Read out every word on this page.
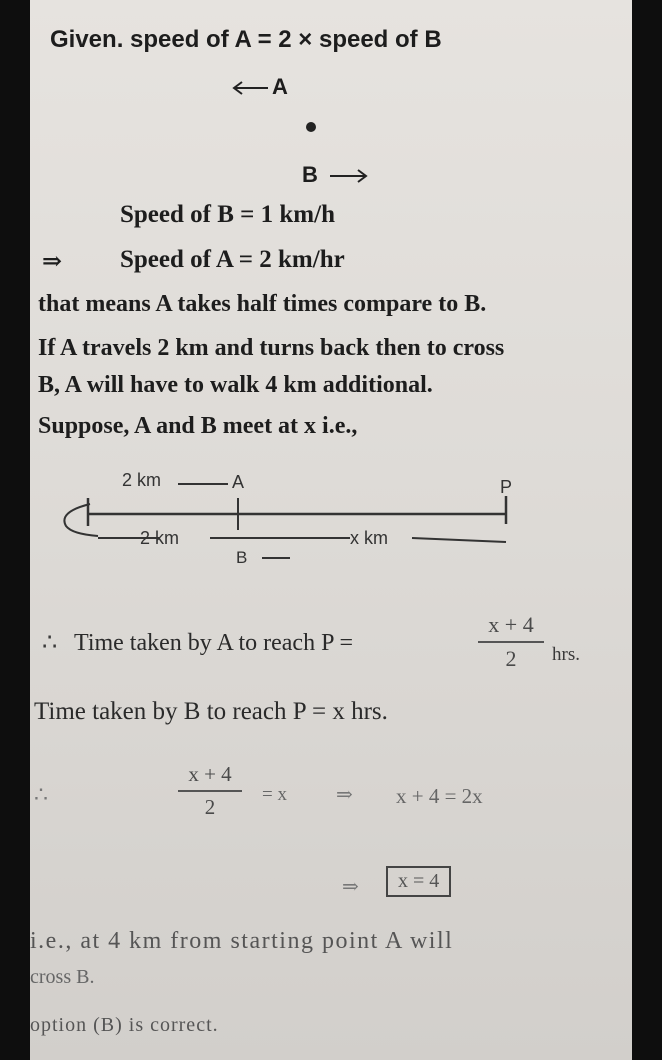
Given. speed of A = 2 × speed of B
A
B
Speed of B = 1 km/h
⇒ Speed of A = 2 km/hr
that means A takes half times compare to B.
If A travels 2 km and turns back then to cross
B, A will have to walk 4 km additional.
Suppose, A and B meet at x i.e.,
2 km	A	P
2 km	x km
B
∴ Time taken by A to reach P =
x + 4
2	hrs.
Time taken by B to reach P = x hrs.
∴
x + 4
2	= x ⇒ x + 4 = 2x
⇒	x = 4
i.e., at 4 km from starting point A will
cross B.
option (B) is correct.
